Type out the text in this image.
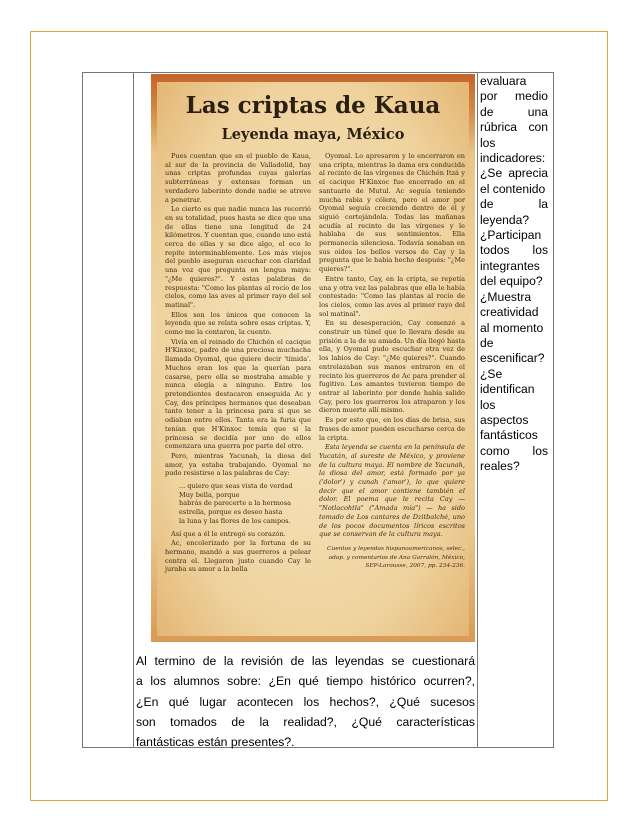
Las criptas de Kaua
Leyenda maya, México

Pues cuentan que en el pueblo de Kaua, al sur de la provincia de Valladolid, hay unas criptas profundas cuyas galerías subterráneas y extensas forman un verdadero laberinto donde nadie se atreve a penetrar.

Lo cierto es que nadie nunca las recorrió en su totalidad, pues hasta se dice que una de ellas tiene una longitud de 24 kilómetros. Y cuentan que, cuando uno está cerca de ellas y se dice algo, el eco lo repite interminablemente. Los más viejos del pueblo aseguran escuchar con claridad una voz que pregunta en lengua maya: "¿Me quieres?". Y estas palabras de respuesta: "Como las plantas al rocío de los cielos, como las aves al primer rayo del sol matinal".

Ellos son los únicos que conocen la leyenda que se relata sobre esas criptas. Y, como me la contaron, la cuento.

Vivía en el reinado de Chichén el cacique H'Kinxoc, padre de una preciosa muchacha llamada Oyomal, que quiere decir 'tímida'. Muchos eran los que la querían para casarse, pero ella se mostraba amable y nunca elegía a ninguno. Entre los pretendientes destacaron enseguida Ac y Cay, dos príncipes hermanos que deseaban tanto tener a la princesa para sí que se odiaban entre ellos. Tanta era la furia que tenían que H'Kinxoc temía que si la princesa se decidía por uno de ellos comenzara una guerra por parte del otro.

Pero, mientras Yacunah, la diosa del amor, ya estaba trabajando. Oyomal no pudo resistirse a las palabras de Cay:

... quiero que seas vista de verdad
Muy bella, porque
habrás de parecerte a la hermosa
estrella, porque es deseo hasta
la luna y las flores de los campos.

Así que a él le entregó su corazón.

Ac, encolerizado por la fortuna de su hermano, mandó a sus guerreros a pelear contra el. Llegaron justo cuando Cay le juraba su amor a la bella

Oyomal. Lo apresaron y lo encerraron en una cripta, mientras la dama era conducida al recinto de las vírgenes de Chichén Itzá y el cacique H'Kinxoc fue encerrado en el santuario de Mutul. Ac seguía teniendo mucha rabia y cólera, pero el amor por Oyomal seguía creciendo dentro de él y siguió cortejándola. Todas las mañanas acudía al recinto de las vírgenes y le hablaba de sus sentimientos. Ella permanecía silenciosa. Todavía sonaban en sus oídos los bellos versos de Cay y la pregunta que le había hecho después: "¿Me quieres?".

Entre tanto, Cay, en la cripta, se repetía una y otra vez las palabras que ella le había contestado: "Como las plantas al rocío de los cielos, como las aves al primer rayo del sol matinal".

En su desesperación, Cay comenzó a construir un túnel que lo llevara desde su prisión a la de su amada. Un día llegó hasta ella, y Oyomal pudo escuchar otra vez de los labios de Cay: "¿Me quieres?". Cuando entrelazaban sus manos entraron en el recinto los guerreros de Ac para prender al fugitivo. Los amantes tuvieron tiempo de entrar al laberinto por donde había salido Cay, pero los guerreros los atraparon y les dieron muerte allí mismo.

Es por esto que, en los días de brisa, sus frases de amor pueden escucharse cerca de la cripta.

Esta leyenda se cuenta en la península de Yucatán, al sureste de México, y proviene de la cultura maya. El nombre de Yacunah, la diosa del amor, está formado por ya ('dolor') y cunah ('amor'), lo que quiere decir que el amor contiene también el dolor. El poema que le recita Cay — "Notlacohtla" ("Amada mía") — ha sido tomado de Los cantares de Dzitbalché, uno de los pocos documentos líricos escritos que se conservan de la cultura maya.

Cuentos y leyendas hispanoamericanos, selec., adap. y comentarios de Ana Garralón, México, SEP-Larousse, 2007, pp. 234-236.

Al termino de la revisión de las leyendas se cuestionará
a los alumnos sobre: ¿En qué tiempo histórico ocurren?,
¿En qué lugar acontecen los hechos?, ¿Qué sucesos
son tomados de la realidad?, ¿Qué características
fantásticas están presentes?.
evaluara
por medio
de una
rúbrica con
los
indicadores:
¿Se aprecia
el contenido
de la
leyenda?
¿Participan
todos los
integrantes
del equipo?
¿Muestra
creatividad
al momento
de
escenificar?
¿Se
identifican
los
aspectos
fantásticos
como los
reales?
